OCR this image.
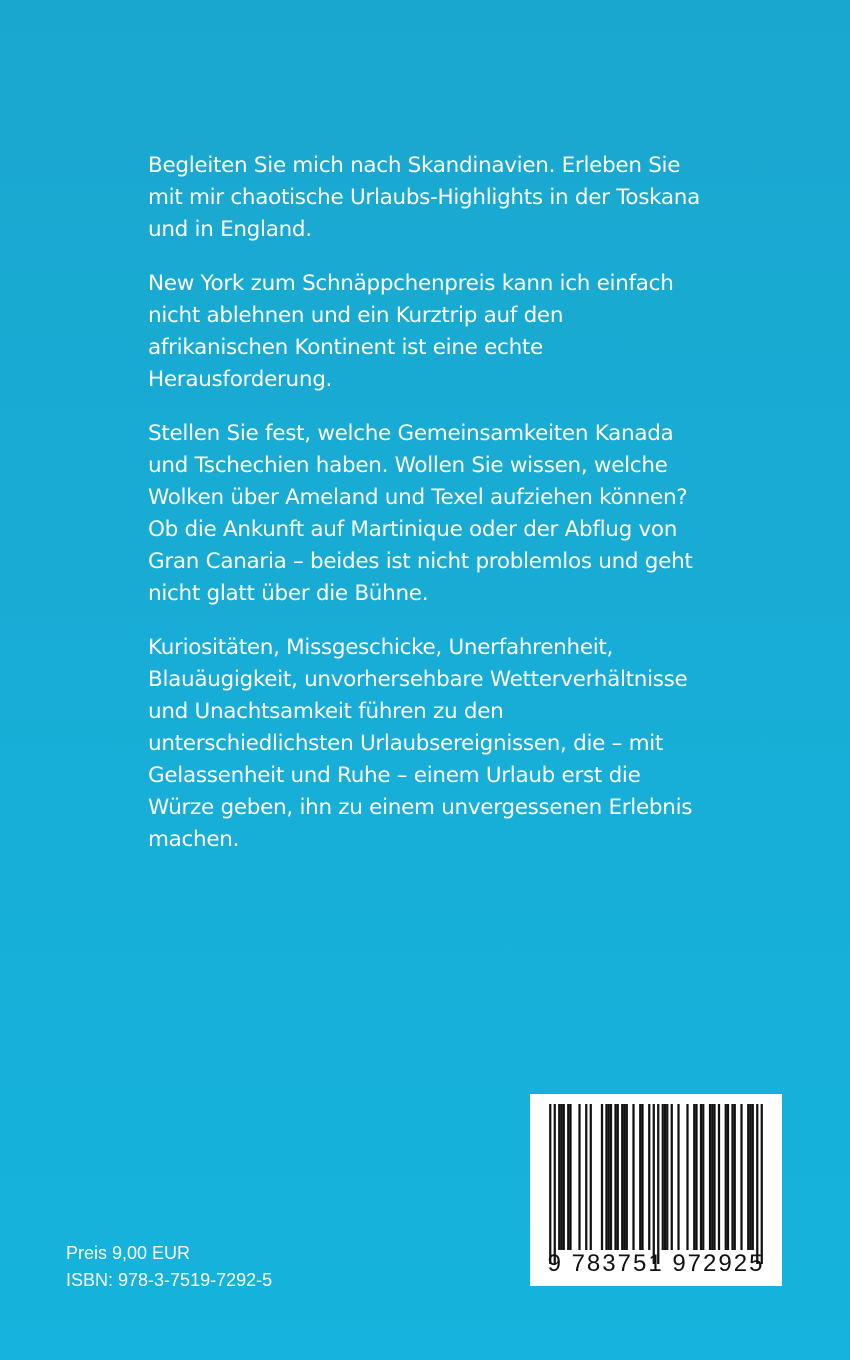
Begleiten Sie mich nach Skandinavien. Erleben Sie mit mir chaotische Urlaubs-Highlights in der Toskana und in England.

New York zum Schnäppchenpreis kann ich einfach nicht ablehnen und ein Kurztrip auf den afrikanischen Kontinent ist eine echte Herausforderung.

Stellen Sie fest, welche Gemeinsamkeiten Kanada und Tschechien haben. Wollen Sie wissen, welche Wolken über Ameland und Texel aufziehen können? Ob die Ankunft auf Martinique oder der Abflug von Gran Canaria – beides ist nicht problemlos und geht nicht glatt über die Bühne.

Kuriositäten, Missgeschicke, Unerfahrenheit, Blauäugigkeit, unvorhersehbare Wetterverhältnisse und Unachtsamkeit führen zu den unterschiedlichsten Urlaubsereignissen, die – mit Gelassenheit und Ruhe – einem Urlaub erst die Würze geben, ihn zu einem unvergessenen Erlebnis machen.

Preis 9,00 EUR
ISBN: 978-3-7519-7292-5
9 783751 972925
